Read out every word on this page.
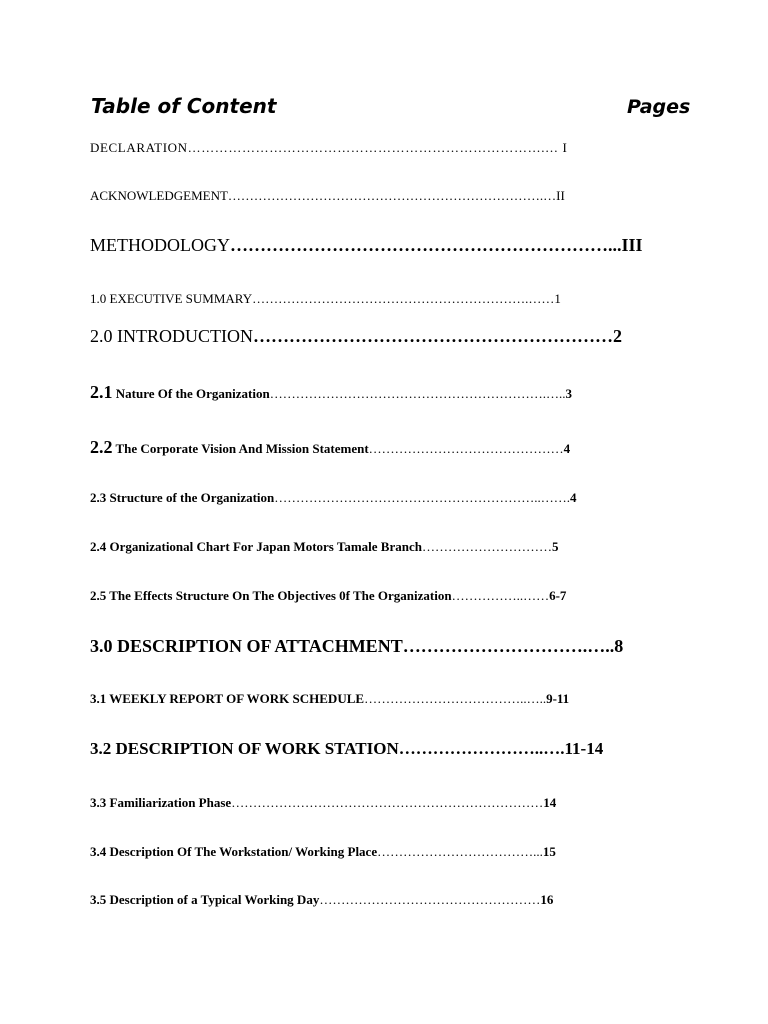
Table of Content	Pages
DECLARATION…………………………………………………………………….… I
ACKNOWLEDGEMENT……………………………………………………………….…II
METHODOLOGY………………………………………………………...III
1.0 EXECUTIVE SUMMARY……………………………………………………….……1
2.0 INTRODUCTION……………………………………………………2
2.1 Nature Of the Organization……………………………………………………….…..3
2.2 The Corporate Vision And Mission Statement………………………………………4
2.3 Structure of the Organization……………………………………………………..…….4
2.4 Organizational Chart For Japan Motors Tamale Branch…………………………5
2.5 The Effects Structure On The Objectives 0f The Organization……………..……6-7
3.0 DESCRIPTION OF ATTACHMENT………………………….…..8
3.1 WEEKLY REPORT OF WORK SCHEDULE………………………………..…..9-11
3.2 DESCRIPTION OF WORK STATION……………………..….11-14
3.3 Familiarization Phase………………………………………………………………14
3.4 Description Of The Workstation/ Working Place………………………………...15
3.5 Description of a Typical Working Day……………………………………………16
